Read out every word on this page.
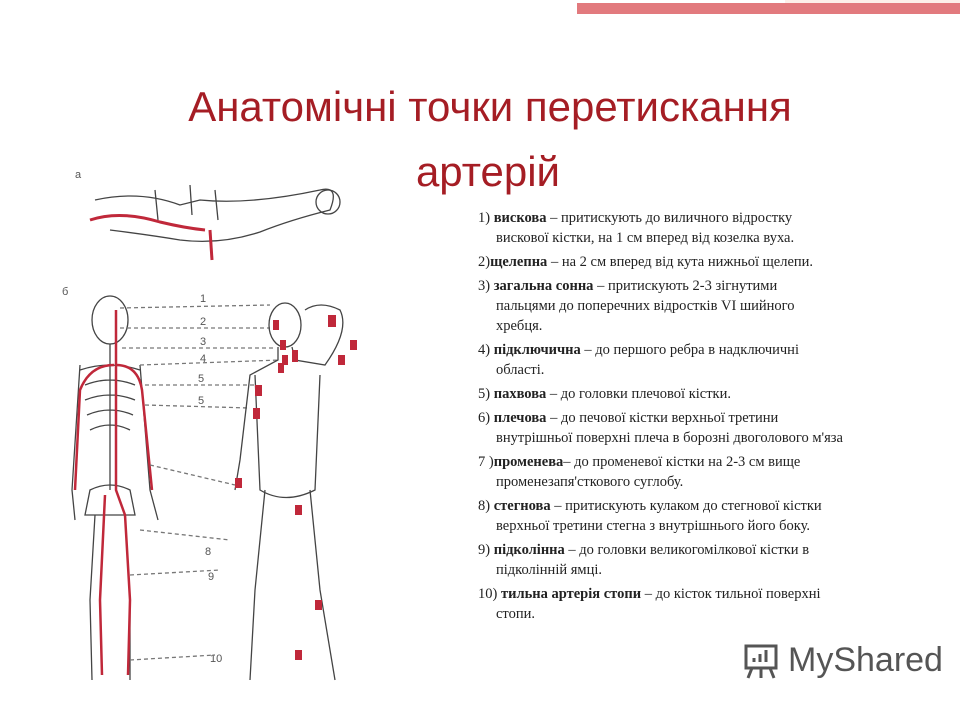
Анатомічні точки перетискання
артерій
а
б
1
2
3
4
5
5
8
9
10
1) вискова – притискують до виличного відростку
вискової кістки, на 1 см вперед від козелка вуха.
2)щелепна – на 2 см вперед від кута нижньої щелепи.
3) загальна сонна – притискують 2-3 зігнутими
пальцями до поперечних відростків VI шийного
хребця.
4) підключична – до першого ребра в надключичні
області.
5) пахвова – до головки плечової кістки.
6) плечова – до печової кістки верхньої третини
внутрішньої поверхні плеча в борозні двоголового м'яза
7 )променева– до променевої кістки на 2-3 см вище
променезапя'сткового суглобу.
8) стегнова – притискують кулаком до стегнової кістки
верхньої третини стегна з внутрішнього його боку.
9) підколінна – до головки великогомілкової кістки в
підколінній ямці.
10) тильна артерія стопи – до кісток тильної поверхні
стопи.
MyShared
